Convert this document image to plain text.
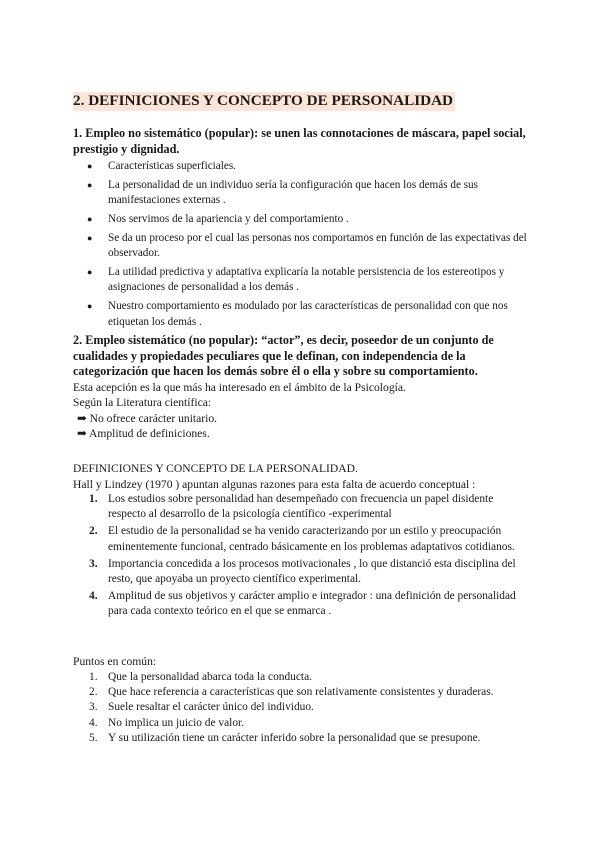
2. DEFINICIONES Y CONCEPTO DE PERSONALIDAD

1. Empleo no sistemático (popular): se unen las connotaciones de máscara, papel social, prestigio y dignidad.

● Características superficiales.
● La personalidad de un individuo sería la configuración que hacen los demás de sus manifestaciones externas .
● Nos servimos de la apariencia y del comportamiento .
● Se da un proceso por el cual las personas nos comportamos en función de las expectativas del observador.
● La utilidad predictiva y adaptativa explicaría la notable persistencia de los estereotipos y asignaciones de personalidad a los demás .
● Nuestro comportamiento es modulado por las características de personalidad con que nos etiquetan los demás .

2. Empleo sistemático (no popular): “actor”, es decir, poseedor de un conjunto de cualidades y propiedades peculiares que le definan, con independencia de la categorización que hacen los demás sobre él o ella y sobre su comportamiento.

Esta acepción es la que más ha interesado en el ámbito de la Psicología.

Según la Literatura científica:

➡ No ofrece carácter unitario.
➡ Amplitud de definiciones.

DEFINICIONES Y CONCEPTO DE LA PERSONALIDAD.

Hall y Lindzey (1970 ) apuntan algunas razones para esta falta de acuerdo conceptual :

1. Los estudios sobre personalidad han desempeñado con frecuencia un papel disidente respecto al desarrollo de la psicología científico -experimental
2. El estudio de la personalidad se ha venido caracterizando por un estilo y preocupación eminentemente funcional, centrado básicamente en los problemas adaptativos cotidianos.
3. Importancia concedida a los procesos motivacionales , lo que distanció esta disciplina del resto, que apoyaba un proyecto científico experimental.
4. Amplitud de sus objetivos y carácter amplio e integrador : una definición de personalidad para cada contexto teórico en el que se enmarca .

Puntos en común:

1. Que la personalidad abarca toda la conducta.
2. Que hace referencia a características que son relativamente consistentes y duraderas.
3. Suele resaltar el carácter único del individuo.
4. No implica un juicio de valor.
5. Y su utilización tiene un carácter inferido sobre la personalidad que se presupone.
